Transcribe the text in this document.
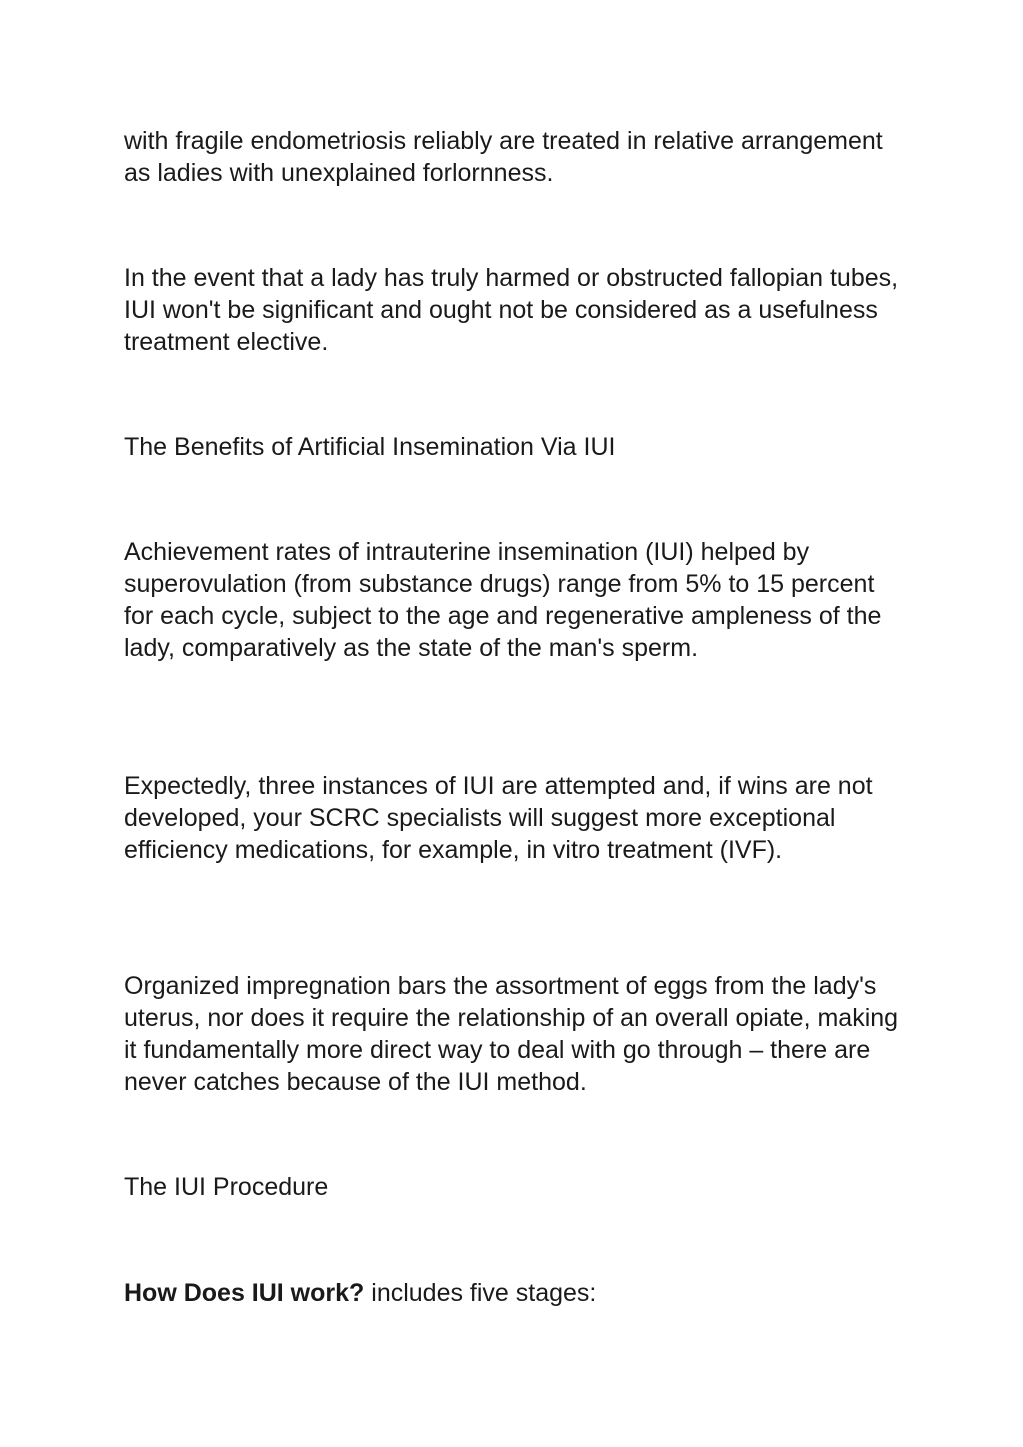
with fragile endometriosis reliably are treated in relative arrangement as ladies with unexplained forlornness.

In the event that a lady has truly harmed or obstructed fallopian tubes, IUI won't be significant and ought not be considered as a usefulness treatment elective.

The Benefits of Artificial Insemination Via IUI

Achievement rates of intrauterine insemination (IUI) helped by superovulation (from substance drugs) range from 5% to 15 percent for each cycle, subject to the age and regenerative ampleness of the lady, comparatively as the state of the man's sperm.

Expectedly, three instances of IUI are attempted and, if wins are not developed, your SCRC specialists will suggest more exceptional efficiency medications, for example, in vitro treatment (IVF).

Organized impregnation bars the assortment of eggs from the lady's uterus, nor does it require the relationship of an overall opiate, making it fundamentally more direct way to deal with go through – there are never catches because of the IUI method.

The IUI Procedure

How Does IUI work? includes five stages:
